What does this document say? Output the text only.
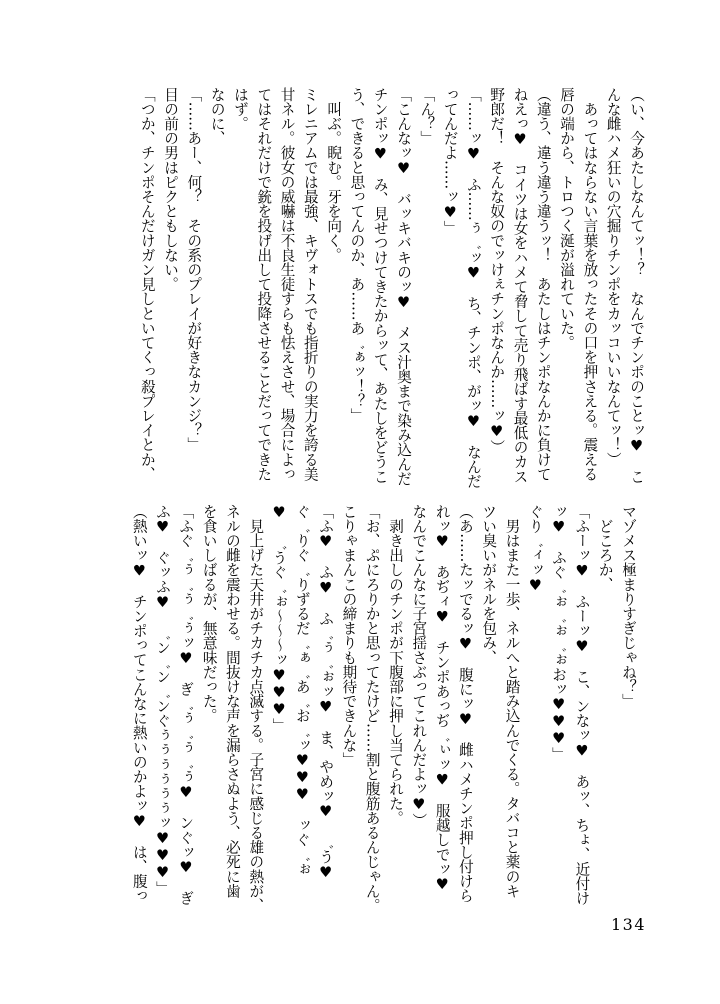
（い、今あたしなんてッ！？　なんでチンポのことッ♥　こ
んな雌ハメ狂いの穴掘りチンポをカッコいいなんてッ！）
　あってはならない言葉を放ったその口を押さえる。震える
唇の端から、トロつく涎が溢れていた。
（違う、違う違う違うッ！　あたしはチンポなんかに負けて
ねえっ♥　コイツは女をハメて脅して売り飛ばす最低のカス
野郎だ！　そんな奴のでッけぇチンポなんか……ッ♥）
「……ッ♥　ふ……ぅ゛ッ♥　ち、チンポ、がッ♥　なんだ
ってんだよ……ッ♥」
「ん？」
「こんなッ♥　バッキバキのッ♥　メス汁奥まで染み込んだ
チンポッ♥　み、見せつけてきたからッて、あたしをどうこ
う、できると思ってんのか、あ……あ゛ぁッ！？」
　叫ぶ。睨む。牙を向く。
ミレニアムでは最強、キヴォトスでも指折りの実力を誇る美
甘ネル。彼女の威嚇は不良生徒すらも怯えさせ、場合によっ
てはそれだけで銃を投げ出して投降させることだってできた
はず。
なのに、
「……あー、何？　その系のプレイが好きなカンジ？」
目の前の男はピクともしない。
「つか、チンポそんだけガン見しといてくっ殺プレイとか、
マゾメス極まりすぎじゃね？」
　どころか、
「ふーッ♥　ふーッ♥　こ、ンなッ♥　あッ、ちょ、近付け
ッ♥　ふぐ゛ぉ゛ぉ゛ぉおッ♥♥♥」
ぐり゛ィッ♥
　男はまた一歩、ネルへと踏み込んでくる。タバコと薬のキ
ツい臭いがネルを包み、
（あ……たッでるッ♥　腹にッ♥　雌ハメチンポ押し付けら
れッ♥　あぢィ♥　チンポあっぢ゛ぃッ♥　服越しでッ♥
なんでこんなに子宮揺さぶってこれんだよッ♥）
　剥き出しのチンポが下腹部に押し当てられた。
「お、ぷにろりかと思ってたけど……割と腹筋あるんじゃん。
こりゃまんこの締まりも期待できんな」
「ふ♥　ふ♥　ふ゛ぅ゛ぉッ♥　ま、やめッ♥　゛う♥
ぐ゛りぐ゛りずるだ゛ぁ゛あ゛お゛ッ♥♥♥　ッぐ゛ぉ
♥　゛うぐ゛ぉ〜〜〜ッ♥♥♥」
　見上げた天井がチカチカ点滅する。子宮に感じる雄の熱が、
ネルの雌を震わせる。間抜けな声を漏らさぬよう、必死に歯
を食いしばるが、無意味だった。
「ふぐ゛ぅ゛ぅ゛ぅッ♥　ぎ゛ぅ゛ぅ゛ぅ♥　ンぐッ♥　ぎ
ふ♥　ぐッふ♥　゛ン゛ン゛ンぐぅぅぅぅぅぅッ♥♥♥」
（熱いッ♥　チンポってこんなに熱いのかよッ♥　は、腹っ
134
